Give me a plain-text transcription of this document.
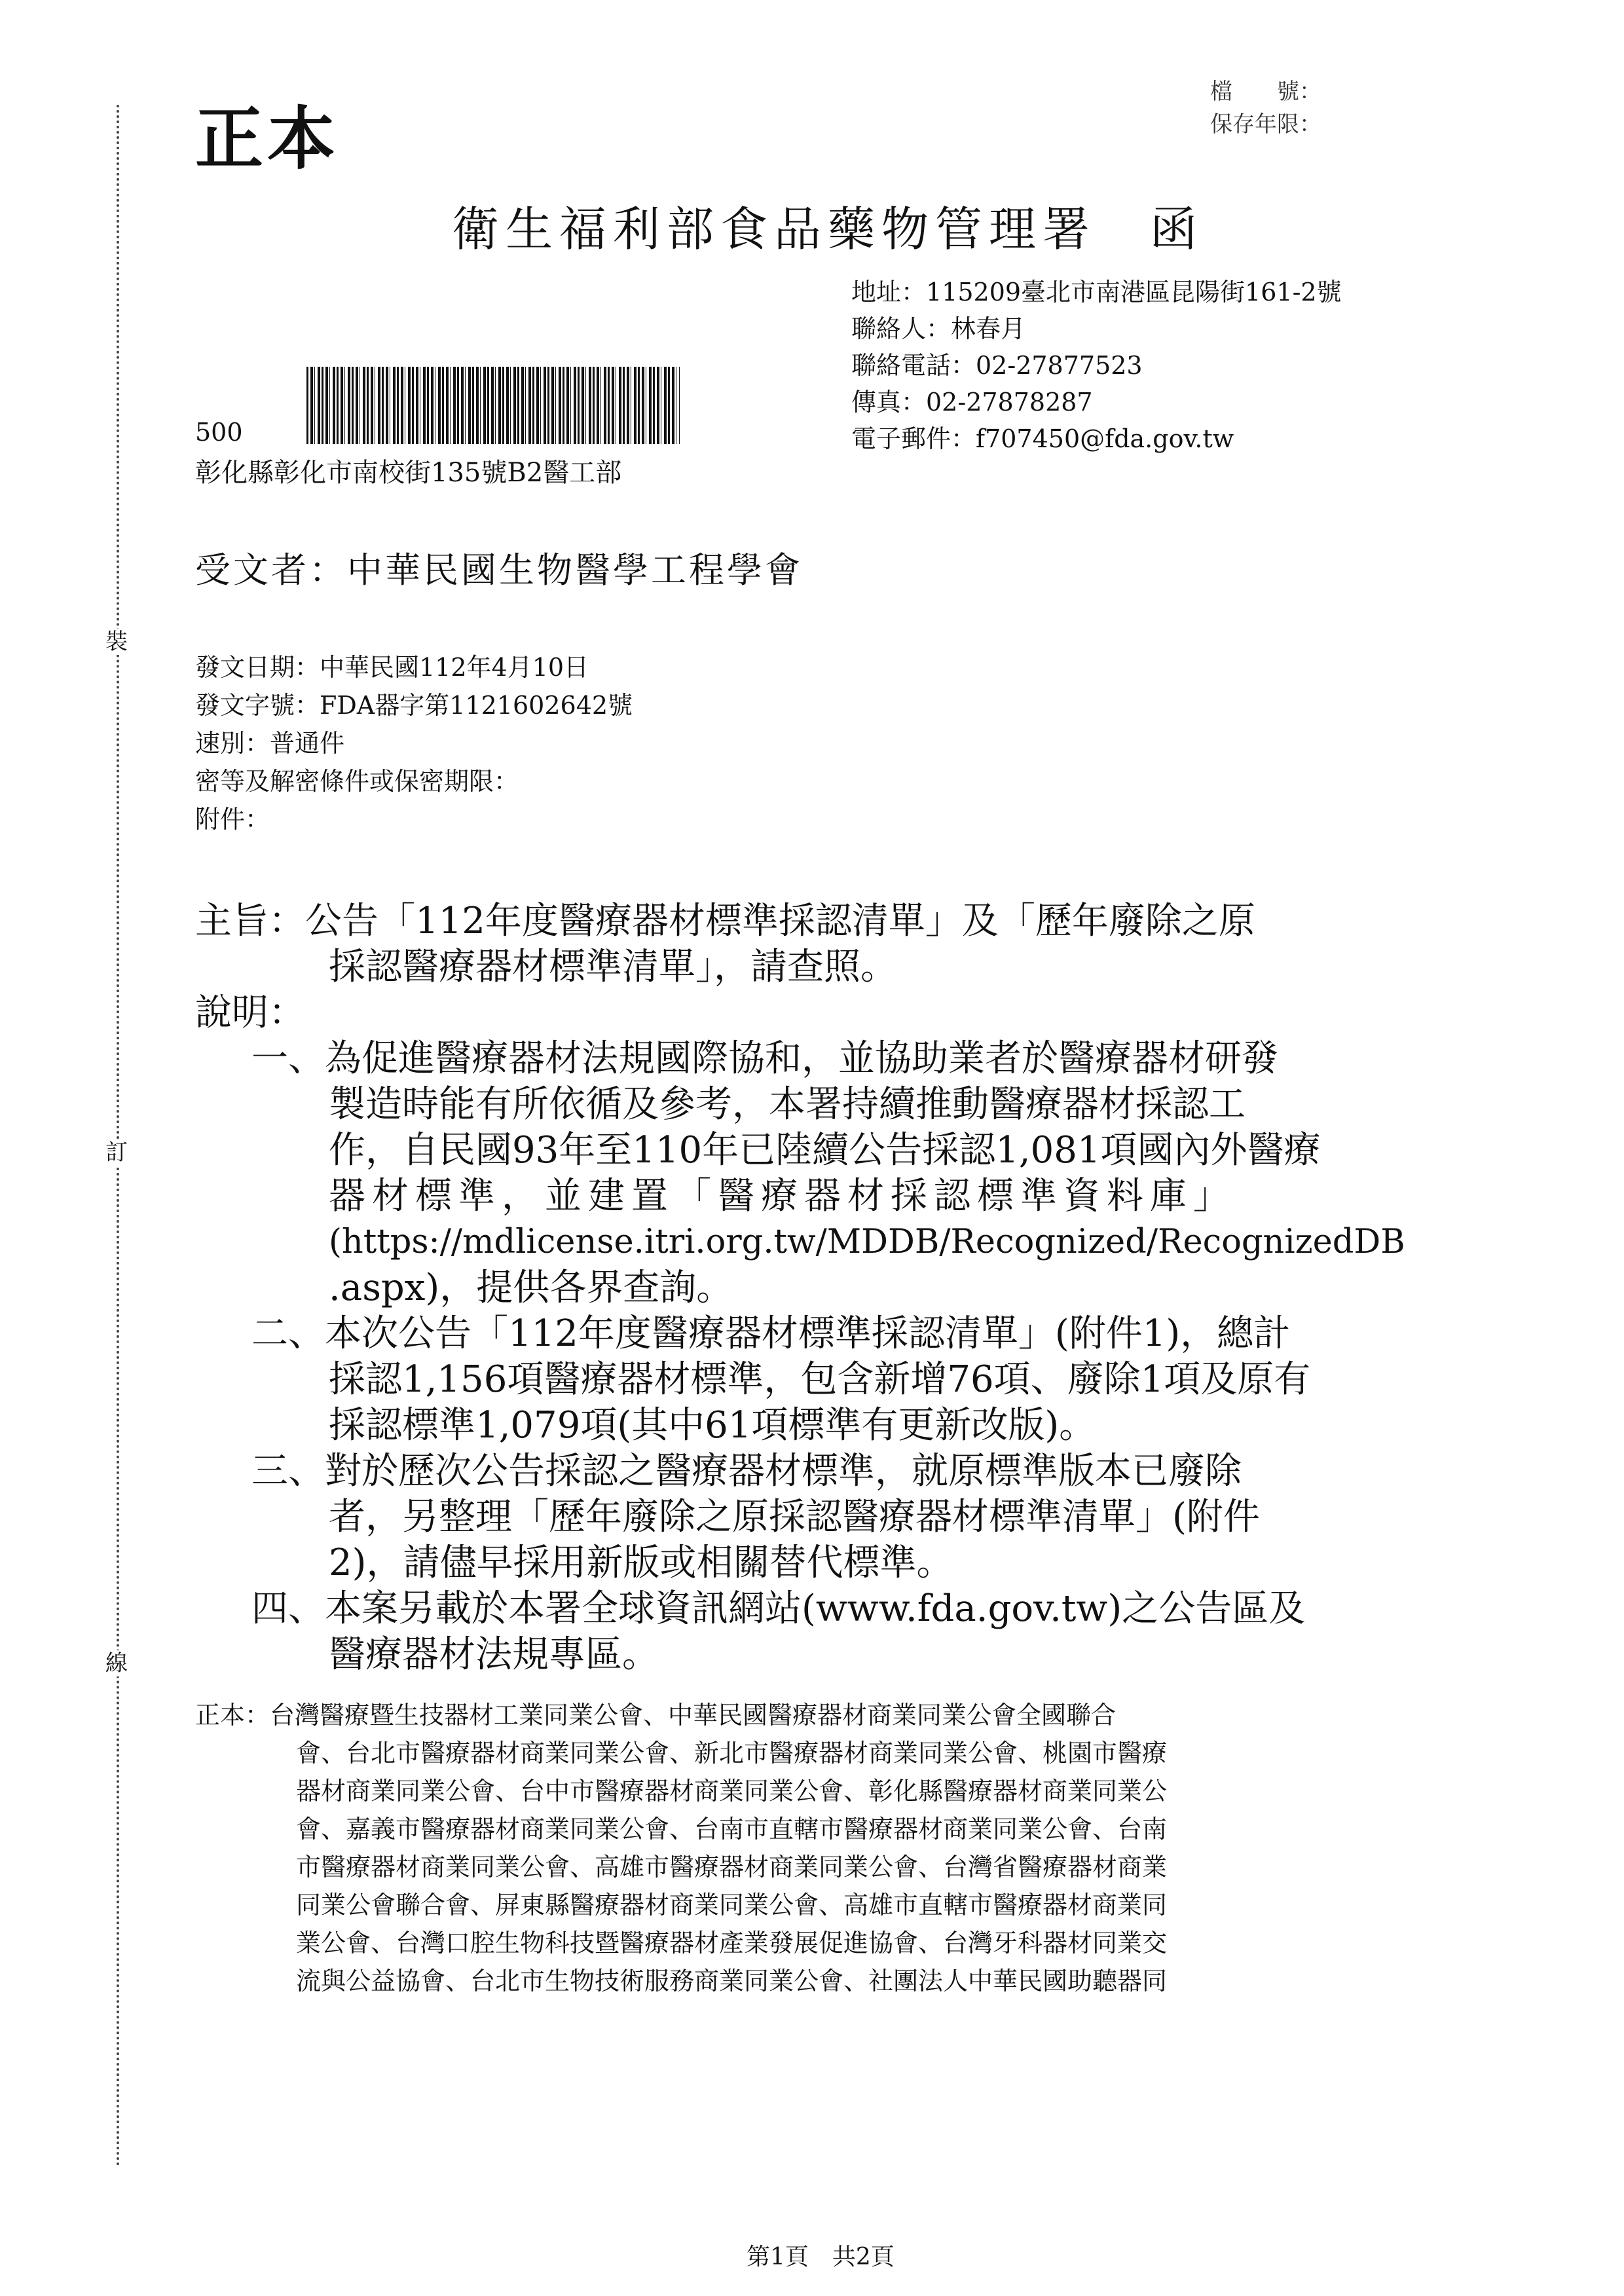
裝
訂
線
正本
檔　　號：
保存年限：
衛生福利部食品藥物管理署　函
地址：115209臺北市南港區昆陽街161-2號
聯絡人：林春月
聯絡電話：02-27877523
傳真：02-27878287
電子郵件：f707450@fda.gov.tw
500
彰化縣彰化市南校街135號B2醫工部
受文者：中華民國生物醫學工程學會
發文日期：中華民國112年4月10日
發文字號：FDA器字第1121602642號
速別：普通件
密等及解密條件或保密期限：
附件：
主旨：公告「112年度醫療器材標準採認清單」及「歷年廢除之原
採認醫療器材標準清單」，請查照。
說明：
一、為促進醫療器材法規國際協和，並協助業者於醫療器材研發
製造時能有所依循及參考，本署持續推動醫療器材採認工
作，自民國93年至110年已陸續公告採認1,081項國內外醫療
器材標準，並建置「醫療器材採認標準資料庫」
(https://mdlicense.itri.org.tw/MDDB/Recognized/RecognizedDB
.aspx)，提供各界查詢。
二、本次公告「112年度醫療器材標準採認清單」(附件1)，總計
採認1,156項醫療器材標準，包含新增76項、廢除1項及原有
採認標準1,079項(其中61項標準有更新改版)。
三、對於歷次公告採認之醫療器材標準，就原標準版本已廢除
者，另整理「歷年廢除之原採認醫療器材標準清單」(附件
2)，請儘早採用新版或相關替代標準。
四、本案另載於本署全球資訊網站(www.fda.gov.tw)之公告區及
醫療器材法規專區。
正本：台灣醫療暨生技器材工業同業公會、中華民國醫療器材商業同業公會全國聯合
會、台北市醫療器材商業同業公會、新北市醫療器材商業同業公會、桃園市醫療
器材商業同業公會、台中市醫療器材商業同業公會、彰化縣醫療器材商業同業公
會、嘉義市醫療器材商業同業公會、台南市直轄市醫療器材商業同業公會、台南
市醫療器材商業同業公會、高雄市醫療器材商業同業公會、台灣省醫療器材商業
同業公會聯合會、屏東縣醫療器材商業同業公會、高雄市直轄市醫療器材商業同
業公會、台灣口腔生物科技暨醫療器材產業發展促進協會、台灣牙科器材同業交
流與公益協會、台北市生物技術服務商業同業公會、社團法人中華民國助聽器同
第1頁　共2頁
